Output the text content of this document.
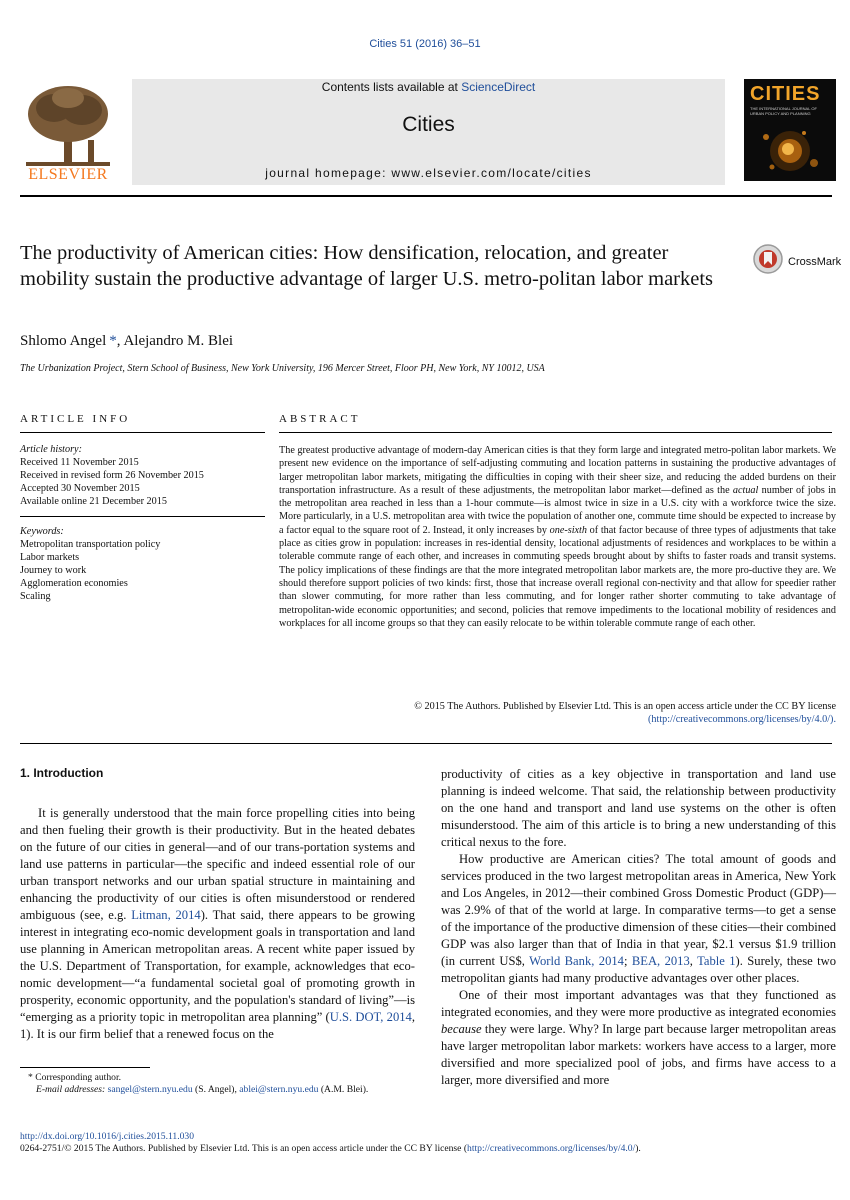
Cities 51 (2016) 36–51
ELSEVIER
Contents lists available at ScienceDirect
Cities
journal homepage: www.elsevier.com/locate/cities
CITIES
THE INTERNATIONAL JOURNAL OF URBAN POLICY AND PLANNING
The productivity of American cities: How densification, relocation, and greater mobility sustain the productive advantage of larger U.S. metro-politan labor markets
CrossMark
Shlomo Angel *, Alejandro M. Blei
The Urbanization Project, Stern School of Business, New York University, 196 Mercer Street, Floor PH, New York, NY 10012, USA
ARTICLE INFO	ABSTRACT
Article history:
Received 11 November 2015
Received in revised form 26 November 2015
Accepted 30 November 2015
Available online 21 December 2015
Keywords:
Metropolitan transportation policy
Labor markets
Journey to work
Agglomeration economies
Scaling
The greatest productive advantage of modern-day American cities is that they form large and integrated metro-politan labor markets. We present new evidence on the importance of self-adjusting commuting and location patterns in sustaining the productive advantages of larger metropolitan labor markets, mitigating the difficulties in coping with their sheer size, and reducing the added burdens on their transportation infrastructure. As a result of these adjustments, the metropolitan labor market—defined as the actual number of jobs in the metropolitan area reached in less than a 1-hour commute—is almost twice in size in a U.S. city with a workforce twice the size. More particularly, in a U.S. metropolitan area with twice the population of another one, commute time should be expected to increase by a factor equal to the square root of 2. Instead, it only increases by one-sixth of that factor because of three types of adjustments that take place as cities grow in population: increases in res-idential density, locational adjustments of residences and workplaces to be within a tolerable commute range of each other, and increases in commuting speeds brought about by shifts to faster roads and transit systems. The policy implications of these findings are that the more integrated metropolitan labor markets are, the more pro-ductive they are. We should therefore support policies of two kinds: first, those that increase overall regional con-nectivity and that allow for speedier rather than slower commuting, for more rather than less commuting, and for longer rather shorter commuting to take advantage of metropolitan-wide economic opportunities; and second, policies that remove impediments to the locational mobility of residences and workplaces for all income groups so that they can easily relocate to be within tolerable commute range of each other.
© 2015 The Authors. Published by Elsevier Ltd. This is an open access article under the CC BY license
(http://creativecommons.org/licenses/by/4.0/).
1. Introduction

It is generally understood that the main force propelling cities into being and then fueling their growth is their productivity. But in the heated debates on the future of our cities in general—and of our trans-portation systems and land use patterns in particular—the specific and indeed essential role of our urban transport networks and our urban spatial structure in maintaining and enhancing the productivity of our cities is often misunderstood or rendered ambiguous (see, e.g. Litman, 2014). That said, there appears to be growing interest in integrating eco-nomic development goals in transportation and land use planning in American metropolitan areas. A recent white paper issued by the U.S. Department of Transportation, for example, acknowledges that eco-nomic development—“a fundamental societal goal of promoting growth in prosperity, economic opportunity, and the population's standard of living”—is “emerging as a priority topic in metropolitan area planning” (U.S. DOT, 2014, 1). It is our firm belief that a renewed focus on the

productivity of cities as a key objective in transportation and land use planning is indeed welcome. That said, the relationship between productivity on the one hand and transport and land use systems on the other is often misunderstood. The aim of this article is to bring a new understanding of this critical nexus to the fore.

How productive are American cities? The total amount of goods and services produced in the two largest metropolitan areas in America, New York and Los Angeles, in 2012—their combined Gross Domestic Product (GDP)—was 2.9% of that of the world at large. In comparative terms—to get a sense of the importance of the productive dimension of these cities—their combined GDP was also larger than that of India in that year, $2.1 versus $1.9 trillion (in current US$, World Bank, 2014; BEA, 2013, Table 1). Surely, these two metropolitan giants had many productive advantages over other places.

One of their most important advantages was that they functioned as integrated economies, and they were more productive as integrated economies because they were large. Why? In large part because larger metropolitan areas have larger metropolitan labor markets: workers have access to a larger, more diversified and more specialized pool of jobs, and firms have access to a larger, more diversified and more

* Corresponding author.
E-mail addresses: sangel@stern.nyu.edu (S. Angel), ablei@stern.nyu.edu (A.M. Blei).
http://dx.doi.org/10.1016/j.cities.2015.11.030
0264-2751/© 2015 The Authors. Published by Elsevier Ltd. This is an open access article under the CC BY license (http://creativecommons.org/licenses/by/4.0/).
